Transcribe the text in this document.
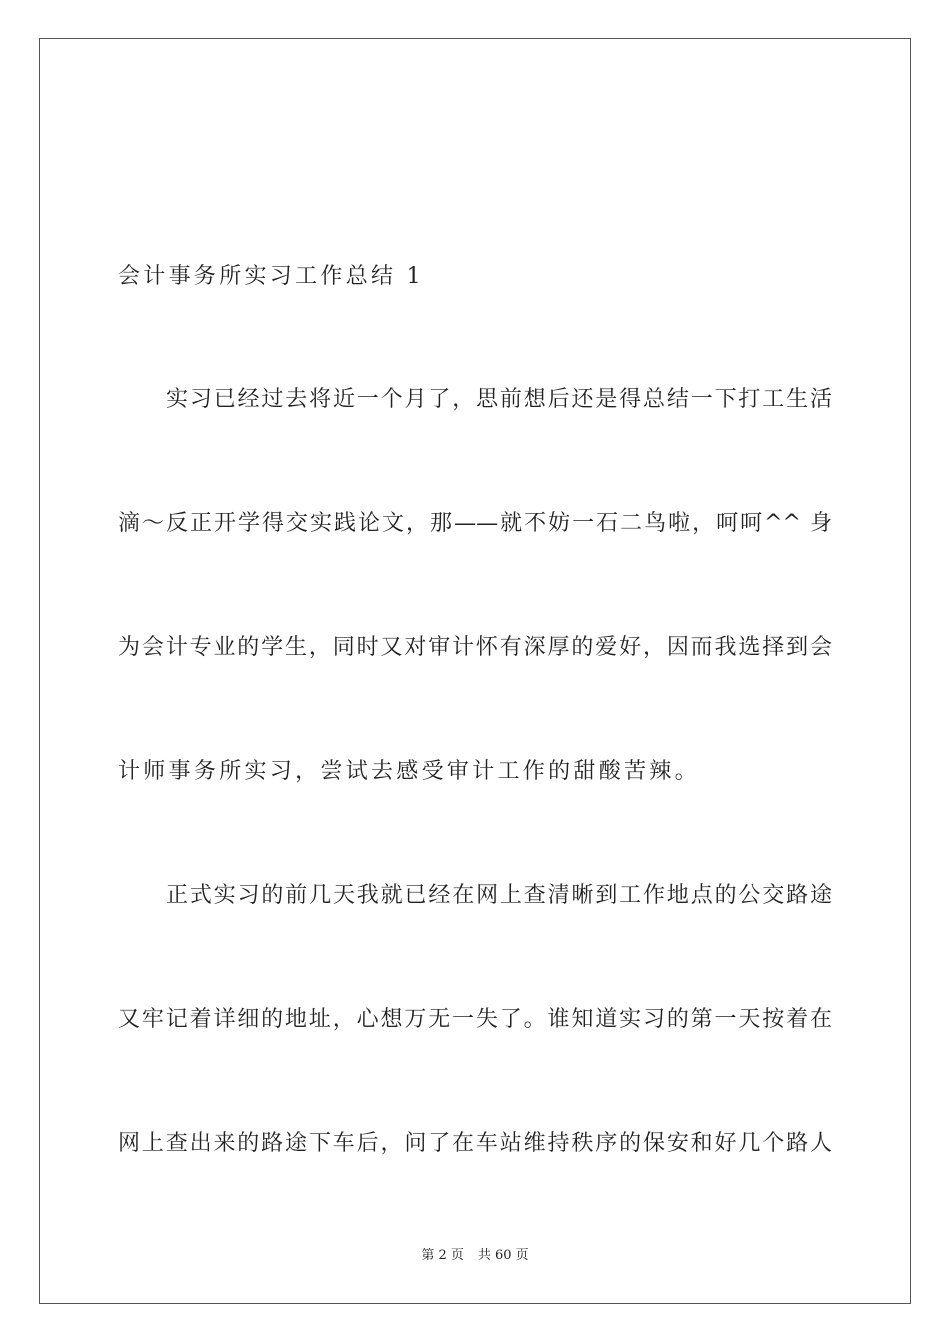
会计事务所实习工作总结 1
实习已经过去将近一个月了，思前想后还是得总结一下打工生活
滴～反正开学得交实践论文，那——就不妨一石二鸟啦，呵呵^^ 身
为会计专业的学生，同时又对审计怀有深厚的爱好，因而我选择到会
计师事务所实习，尝试去感受审计工作的甜酸苦辣。
正式实习的前几天我就已经在网上查清晰到工作地点的公交路途
又牢记着详细的地址，心想万无一失了。谁知道实习的第一天按着在
网上查出来的路途下车后，问了在车站维持秩序的保安和好几个路人
第 2 页 共 60 页
